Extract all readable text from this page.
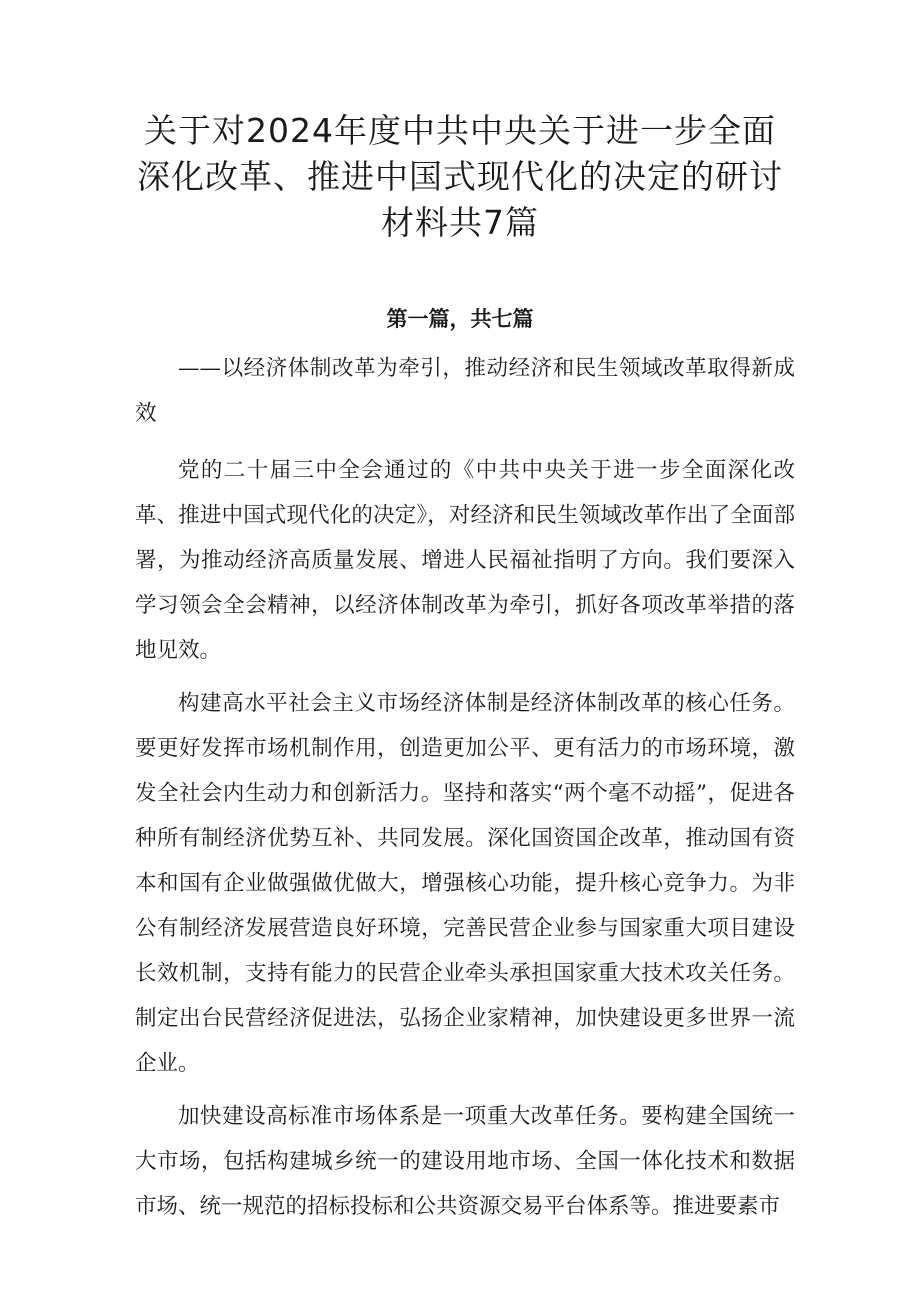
关于对2024年度中共中央关于进一步全面
深化改革、推进中国式现代化的决定的研讨
材料共7篇
第一篇，共七篇

——以经济体制改革为牵引，推动经济和民生领域改革取得新成效

党的二十届三中全会通过的《中共中央关于进一步全面深化改革、推进中国式现代化的决定》，对经济和民生领域改革作出了全面部署，为推动经济高质量发展、增进人民福祉指明了方向。我们要深入学习领会全会精神，以经济体制改革为牵引，抓好各项改革举措的落地见效。

构建高水平社会主义市场经济体制是经济体制改革的核心任务。要更好发挥市场机制作用，创造更加公平、更有活力的市场环境，激发全社会内生动力和创新活力。坚持和落实“两个毫不动摇”，促进各种所有制经济优势互补、共同发展。深化国资国企改革，推动国有资本和国有企业做强做优做大，增强核心功能，提升核心竞争力。为非公有制经济发展营造良好环境，完善民营企业参与国家重大项目建设长效机制，支持有能力的民营企业牵头承担国家重大技术攻关任务。制定出台民营经济促进法，弘扬企业家精神，加快建设更多世界一流企业。

加快建设高标准市场体系是一项重大改革任务。要构建全国统一大市场，包括构建城乡统一的建设用地市场、全国一体化技术和数据市场、统一规范的招标投标和公共资源交易平台体系等。推进要素市
